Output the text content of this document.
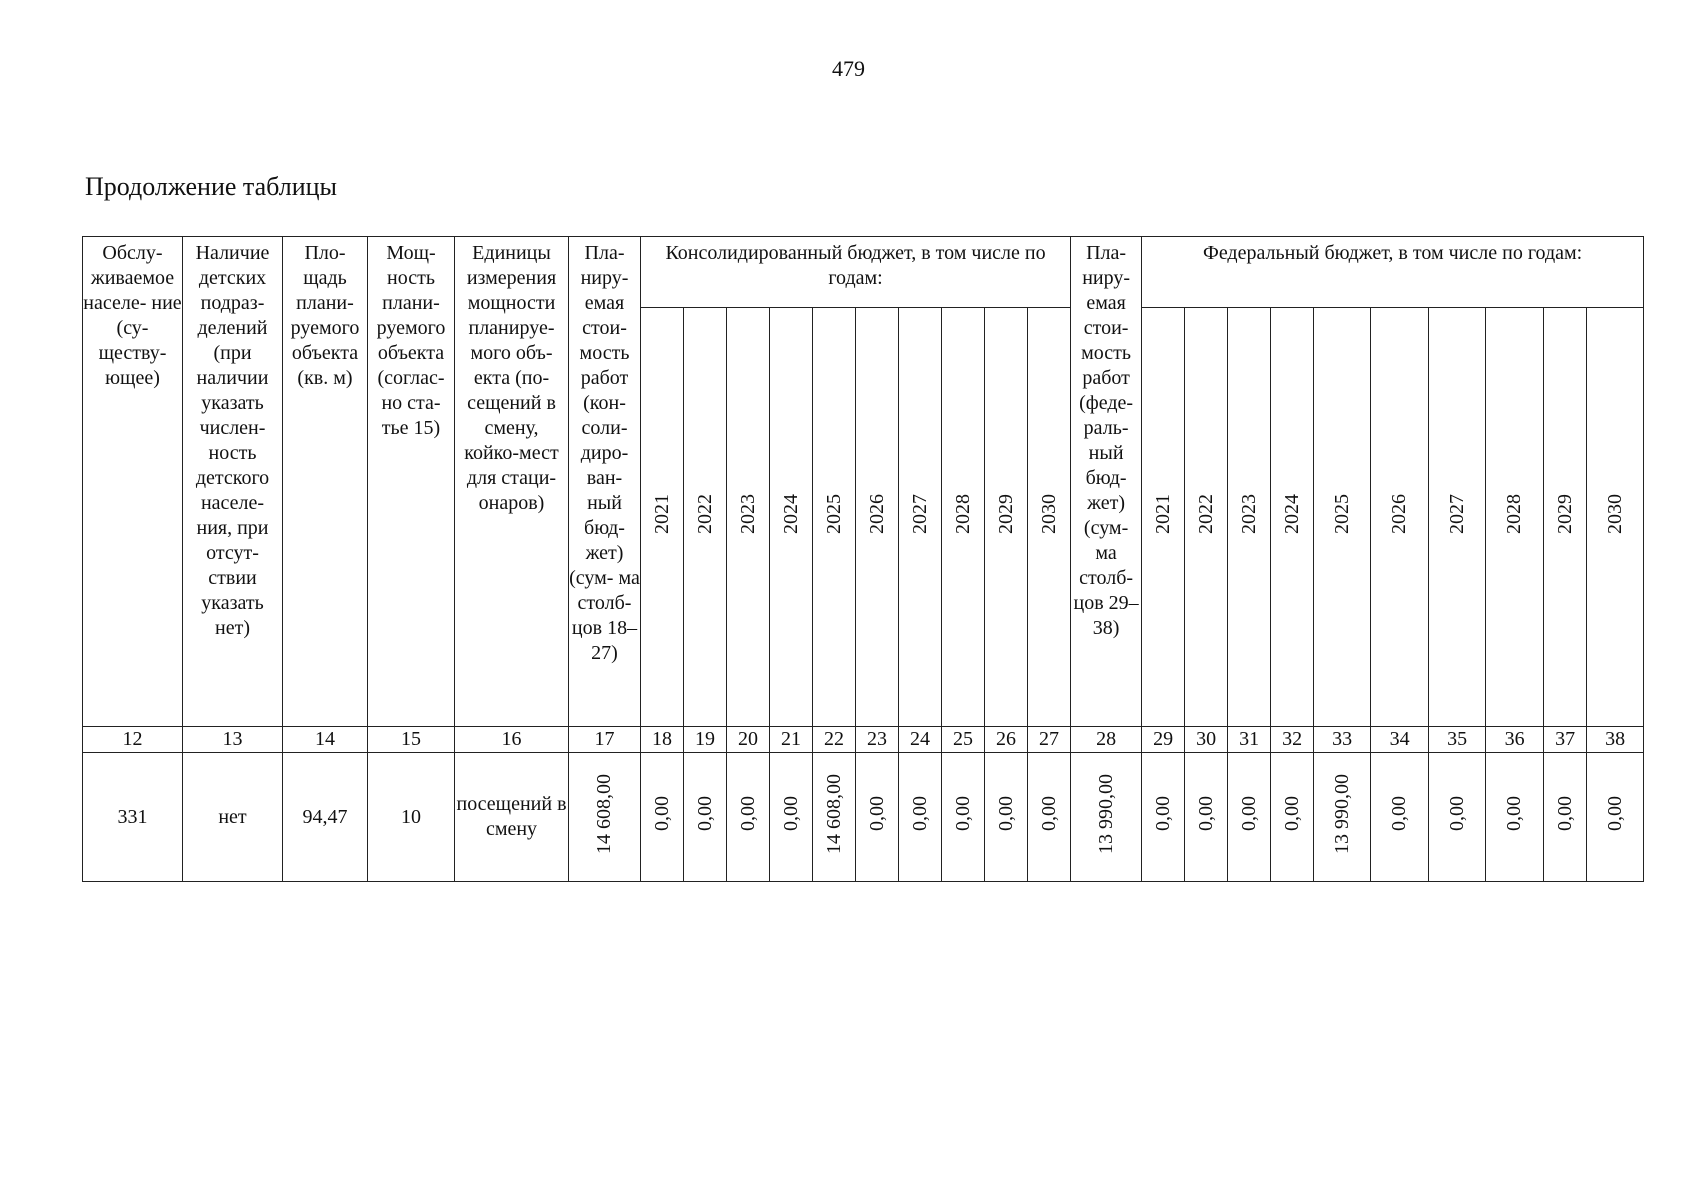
479
Продолжение таблицы
Обслу- живаемое населе- ние (су- ществу- ющее)	Наличие детских подраз- делений (при наличии указать числен- ность детского населе- ния, при отсут- ствии указать нет)	Пло- щадь плани- руемого объекта (кв. м)	Мощ- ность плани- руемого объекта (соглас- но ста- тье 15)	Единицы измерения мощности планируе- мого объ- екта (по- сещений в смену, койко-мест для стаци- онаров)	Пла- ниру- емая стои- мость работ (кон- соли- диро- ван- ный бюд- жет) (сум- ма столб- цов 18–27)	Консолидированный бюджет, в том числе по годам:										Пла- ниру- емая стои- мость работ (феде- раль- ный бюд- жет) (сум- ма столб- цов 29–38)	Федеральный бюджет, в том числе по годам:									

						2021	2022	2023	2024	2025	2026	2027	2028	2029	2030		2021	2022	2023	2024	2025	2026	2027	2028	2029	2030
12	13	14	15	16	17	18	19	20	21	22	23	24	25	26	27	28	29	30	31	32	33	34	35	36	37	38
331	нет	94,47	10	посещений в смену	14 608,00	0,00	0,00	0,00	0,00	14 608,00	0,00	0,00	0,00	0,00	0,00	13 990,00	0,00	0,00	0,00	0,00	13 990,00	0,00	0,00	0,00	0,00	0,00
